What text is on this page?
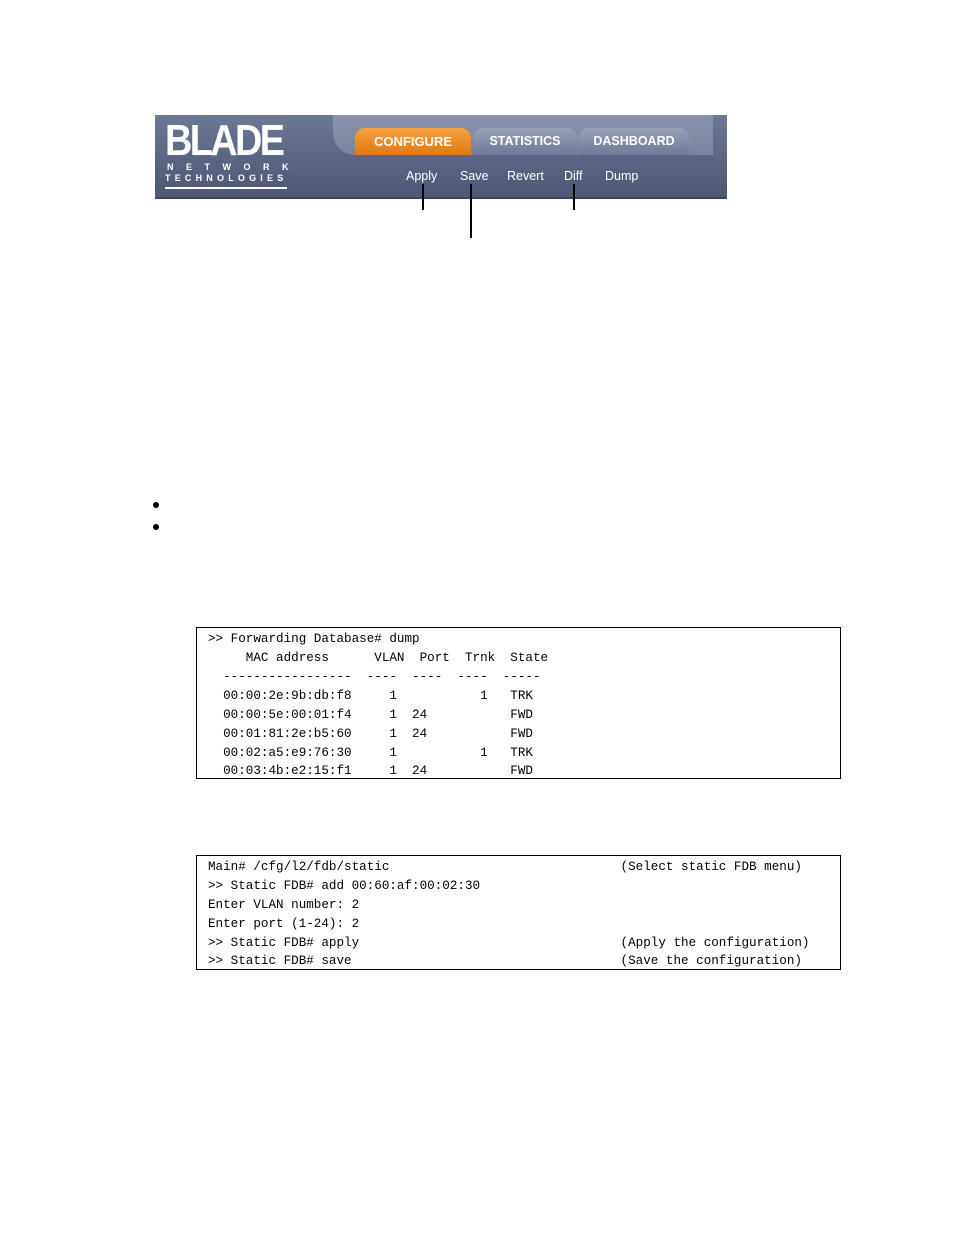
BLADE
NETWORK
TECHNOLOGIES
CONFIGURE	STATISTICS	DASHBOARD
Apply Save Revert Diff Dump
>> Forwarding Database# dump
MAC address      VLAN  Port  Trnk  State
-----------------  ----  ----  ----  -----
00:00:2e:9b:db:f8     1           1   TRK
00:00:5e:00:01:f4     1  24           FWD
00:01:81:2e:b5:60     1  24           FWD
00:02:a5:e9:76:30     1           1   TRK
00:03:4b:e2:15:f1     1  24           FWD
Main# /cfg/l2/fdb/static	(Select static FDB menu)
>> Static FDB# add 00:60:af:00:02:30
Enter VLAN number: 2
Enter port (1-24): 2
>> Static FDB# apply	(Apply the configuration)
>> Static FDB# save	(Save the configuration)
